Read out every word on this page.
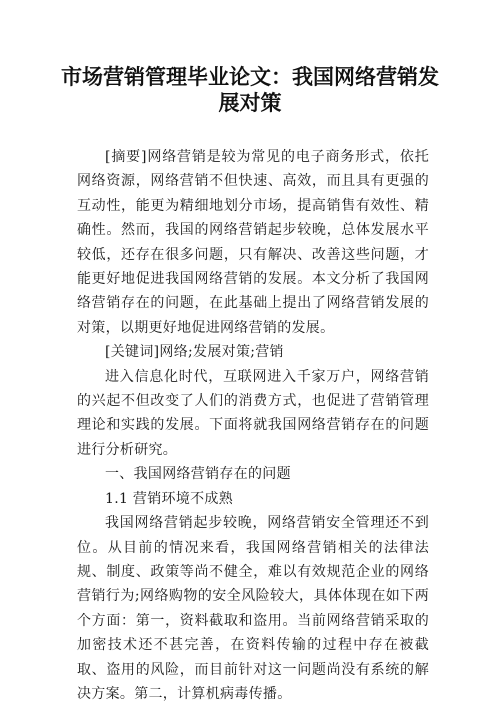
市场营销管理毕业论文：我国网络营销发展对策

[摘要]网络营销是较为常见的电子商务形式，依托网络资源，网络营销不但快速、高效，而且具有更强的互动性，能更为精细地划分市场，提高销售有效性、精确性。然而，我国的网络营销起步较晚，总体发展水平较低，还存在很多问题，只有解决、改善这些问题，才能更好地促进我国网络营销的发展。本文分析了我国网络营销存在的问题，在此基础上提出了网络营销发展的对策，以期更好地促进网络营销的发展。

[关键词]网络;发展对策;营销

进入信息化时代，互联网进入千家万户，网络营销的兴起不但改变了人们的消费方式，也促进了营销管理理论和实践的发展。下面将就我国网络营销存在的问题进行分析研究。

一、我国网络营销存在的问题

1.1 营销环境不成熟

我国网络营销起步较晚，网络营销安全管理还不到位。从目前的情况来看，我国网络营销相关的法律法规、制度、政策等尚不健全，难以有效规范企业的网络营销行为;网络购物的安全风险较大，具体体现在如下两个方面：第一，资料截取和盗用。当前网络营销采取的加密技术还不甚完善，在资料传输的过程中存在被截取、盗用的风险，而目前针对这一问题尚没有系统的解决方案。第二，计算机病毒传播。
